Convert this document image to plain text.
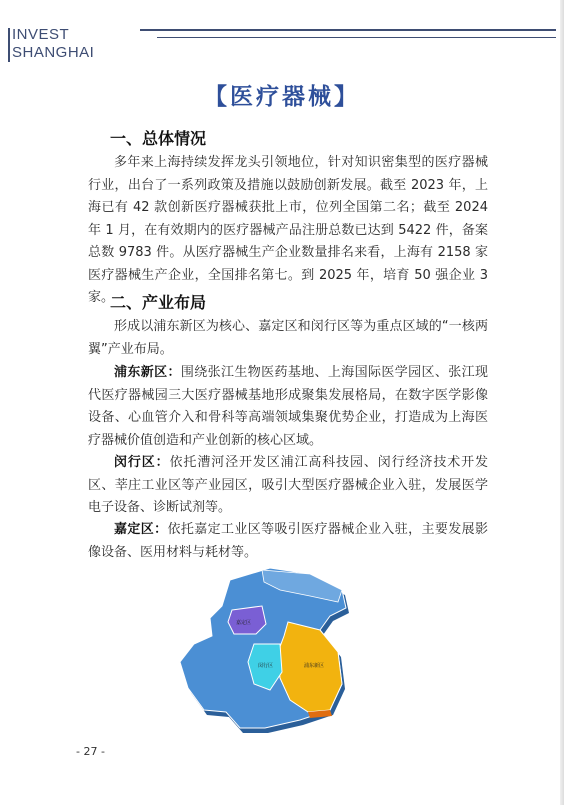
INVEST
SHANGHAI
【医疗器械】
一、总体情况
多年来上海持续发挥龙头引领地位，针对知识密集型的医疗器械行业，出台了一系列政策及措施以鼓励创新发展。截至 2023 年，上海已有 42 款创新医疗器械获批上市，位列全国第二名；截至 2024 年 1 月，在有效期内的医疗器械产品注册总数已达到 5422 件，备案总数 9783 件。从医疗器械生产企业数量排名来看，上海有 2158 家医疗器械生产企业，全国排名第七。到 2025 年，培育 50 强企业 3 家。
二、产业布局
形成以浦东新区为核心、嘉定区和闵行区等为重点区域的“一核两翼”产业布局。
浦东新区：围绕张江生物医药基地、上海国际医学园区、张江现代医疗器械园三大医疗器械基地形成聚集发展格局，在数字医学影像设备、心血管介入和骨科等高端领域集聚优势企业，打造成为上海医疗器械价值创造和产业创新的核心区域。
闵行区：依托漕河泾开发区浦江高科技园、闵行经济技术开发区、莘庄工业区等产业园区，吸引大型医疗器械企业入驻，发展医学电子设备、诊断试剂等。
嘉定区：依托嘉定工业区等吸引医疗器械企业入驻，主要发展影像设备、医用材料与耗材等。
嘉定区
闵行区	浦东新区
- 27 -
